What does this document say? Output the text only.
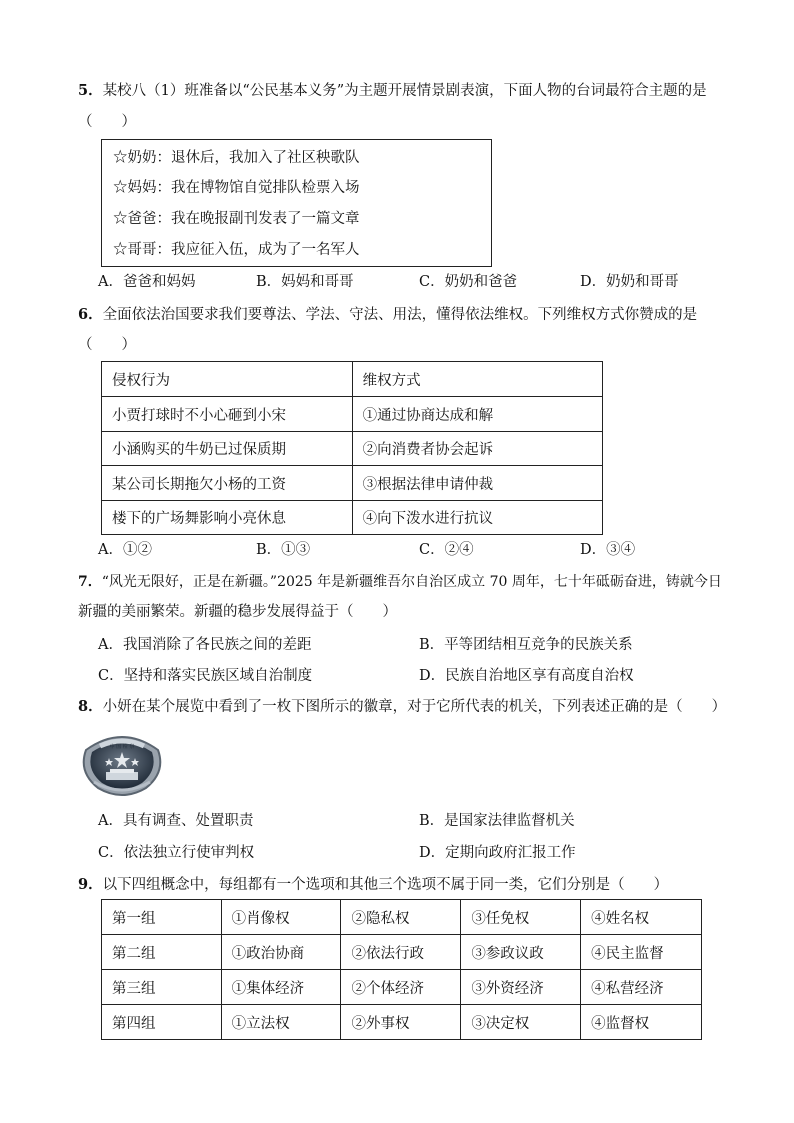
5．某校八（1）班准备以“公民基本义务”为主题开展情景剧表演，下面人物的台词最符合主题的是
（　　）
☆奶奶：退休后，我加入了社区秧歌队
☆妈妈：我在博物馆自觉排队检票入场
☆爸爸：我在晚报副刊发表了一篇文章
☆哥哥：我应征入伍，成为了一名军人
A．爸爸和妈妈	B．妈妈和哥哥	C．奶奶和爸爸	D．奶奶和哥哥
6．全面依法治国要求我们要尊法、学法、守法、用法，懂得依法维权。下列维权方式你赞成的是
（　　）
侵权行为	维权方式
小贾打球时不小心砸到小宋	①通过协商达成和解
小涵购买的牛奶已过保质期	②向消费者协会起诉
某公司长期拖欠小杨的工资	③根据法律申请仲裁
楼下的广场舞影响小亮休息	④向下泼水进行抗议
A．①②	B．①③	C．②④	D．③④
7．“风光无限好，正是在新疆。”2025 年是新疆维吾尔自治区成立 70 周年，七十年砥砺奋进，铸就今日
新疆的美丽繁荣。新疆的稳步发展得益于（　　）
A．我国消除了各民族之间的差距	B．平等团结相互竞争的民族关系
C．坚持和落实民族区域自治制度	D．民族自治地区享有高度自治权
8．小妍在某个展览中看到了一枚下图所示的徽章，对于它所代表的机关，下列表述正确的是（　　）
中 国 检 察
A．具有调查、处置职责	B．是国家法律监督机关
C．依法独立行使审判权	D．定期向政府汇报工作
9．以下四组概念中，每组都有一个选项和其他三个选项不属于同一类，它们分别是（　　）
第一组	①肖像权	②隐私权	③任免权	④姓名权
第二组	①政治协商	②依法行政	③参政议政	④民主监督
第三组	①集体经济	②个体经济	③外资经济	④私营经济
第四组	①立法权	②外事权	③决定权	④监督权
